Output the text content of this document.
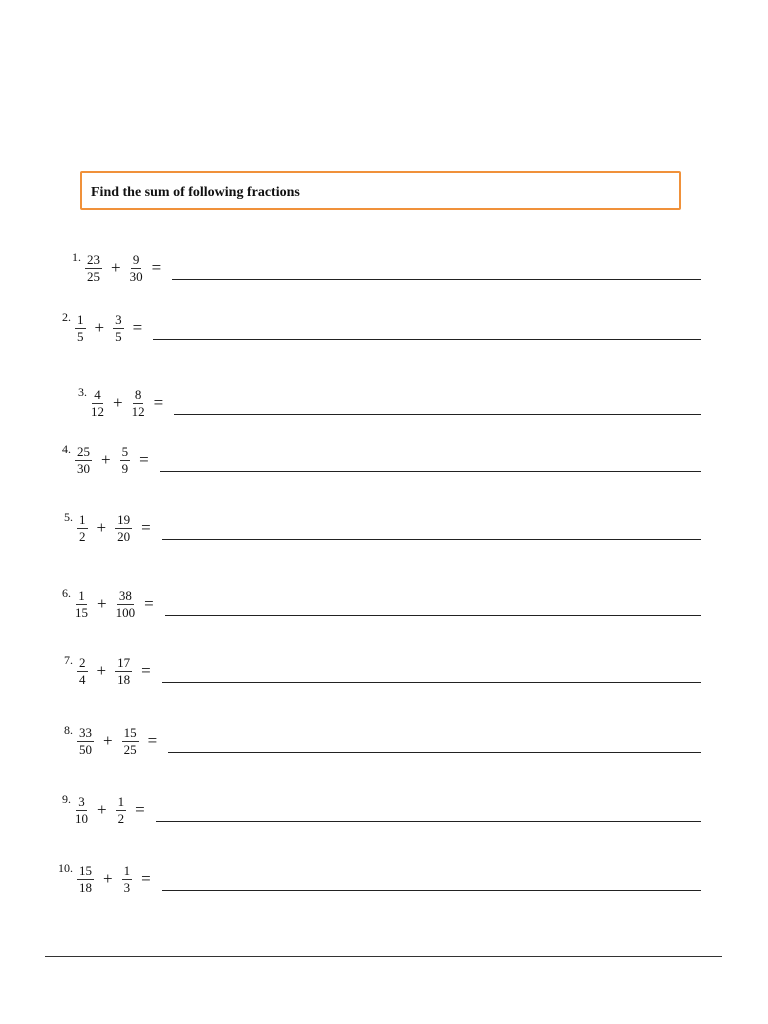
Find the sum of following fractions
1. $\frac{23}{25} + \frac{9}{30}$ =
2. $\frac{1}{5} + \frac{3}{5}$ =
3. $\frac{4}{12} + \frac{8}{12}$ =
4. $\frac{25}{30} + \frac{5}{9}$ =
5. $\frac{1}{2} + \frac{19}{20}$ =
6. $\frac{1}{15} + \frac{38}{100}$ =
7. $\frac{2}{4} + \frac{17}{18}$ =
8. $\frac{33}{50} + \frac{15}{25}$ =
9. $\frac{3}{10} + \frac{1}{2}$ =
10. $\frac{15}{18} + \frac{1}{3}$ =
